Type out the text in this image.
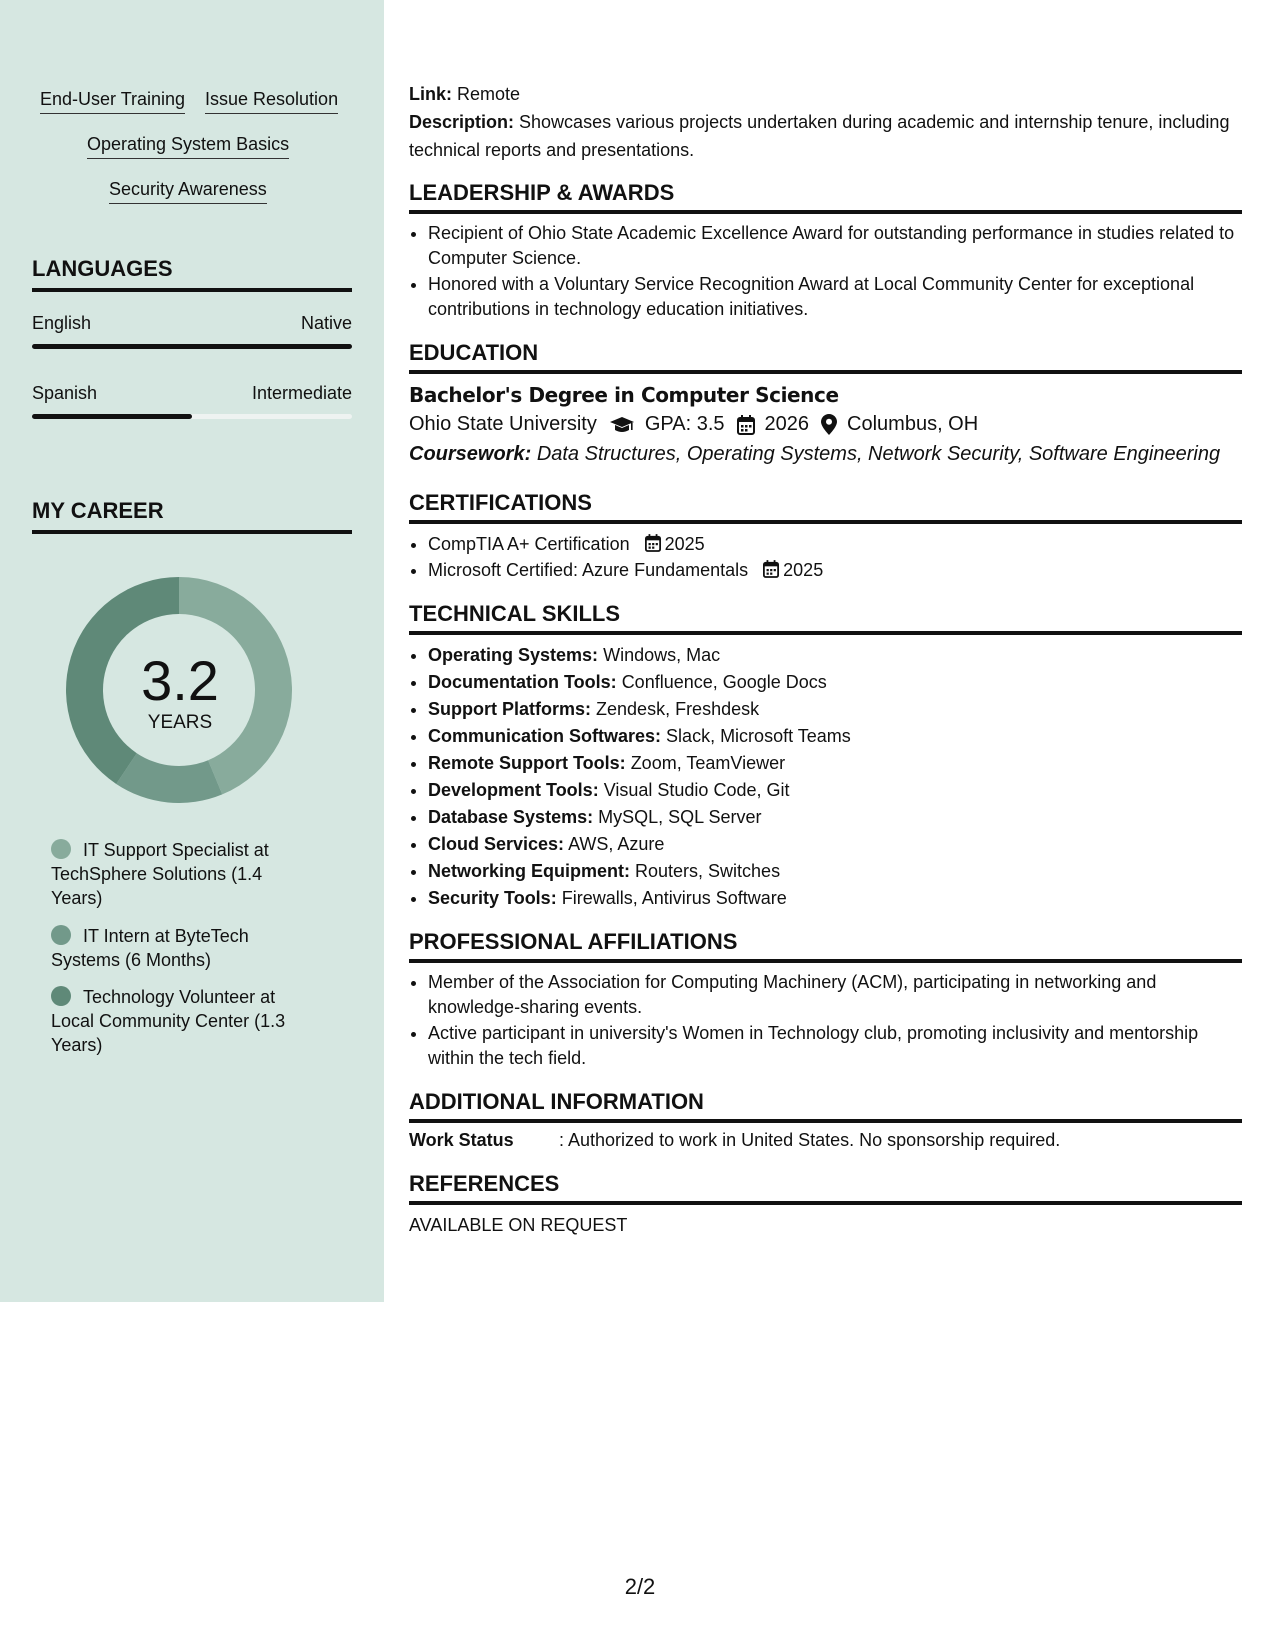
End-User Training Issue Resolution
Operating System Basics
Security Awareness
LANGUAGES
English	Native
Spanish	Intermediate
MY CAREER
3.2
YEARS
IT Support Specialist at TechSphere Solutions (1.4 Years)
IT Intern at ByteTech Systems (6 Months)
Technology Volunteer at Local Community Center (1.3 Years)
Link: Remote
Description: Showcases various projects undertaken during academic and internship tenure, including technical reports and presentations.
LEADERSHIP & AWARDS
• Recipient of Ohio State Academic Excellence Award for outstanding performance in studies related to Computer Science.
• Honored with a Voluntary Service Recognition Award at Local Community Center for exceptional contributions in technology education initiatives.
EDUCATION
Bachelor's Degree in Computer Science
Ohio State University GPA: 3.5 2026 Columbus, OH
Coursework: Data Structures, Operating Systems, Network Security, Software Engineering
CERTIFICATIONS
• CompTIA A+ Certification 2025
• Microsoft Certified: Azure Fundamentals 2025
TECHNICAL SKILLS
• Operating Systems: Windows, Mac
• Documentation Tools: Confluence, Google Docs
• Support Platforms: Zendesk, Freshdesk
• Communication Softwares: Slack, Microsoft Teams
• Remote Support Tools: Zoom, TeamViewer
• Development Tools: Visual Studio Code, Git
• Database Systems: MySQL, SQL Server
• Cloud Services: AWS, Azure
• Networking Equipment: Routers, Switches
• Security Tools: Firewalls, Antivirus Software
PROFESSIONAL AFFILIATIONS
• Member of the Association for Computing Machinery (ACM), participating in networking and knowledge-sharing events.
• Active participant in university's Women in Technology club, promoting inclusivity and mentorship within the tech field.
ADDITIONAL INFORMATION
Work Status	: Authorized to work in United States. No sponsorship required.
REFERENCES
AVAILABLE ON REQUEST
2/2
